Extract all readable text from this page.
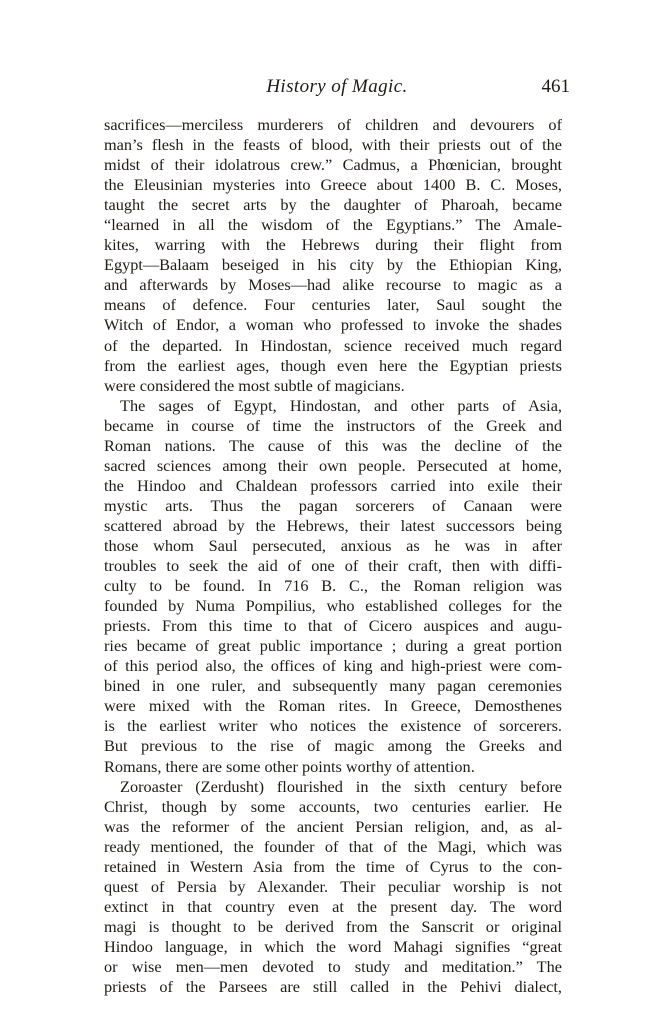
History of Magic.	461
sacrifices—merciless murderers of children and devourers of
man’s flesh in the feasts of blood, with their priests out of the
midst of their idolatrous crew.” Cadmus, a Phœnician, brought
the Eleusinian mysteries into Greece about 1400 B. C. Moses,
taught the secret arts by the daughter of Pharoah, became
“learned in all the wisdom of the Egyptians.” The Amale-
kites, warring with the Hebrews during their flight from
Egypt—Balaam beseiged in his city by the Ethiopian King,
and afterwards by Moses—had alike recourse to magic as a
means of defence. Four centuries later, Saul sought the
Witch of Endor, a woman who professed to invoke the shades
of the departed. In Hindostan, science received much regard
from the earliest ages, though even here the Egyptian priests
were considered the most subtle of magicians.
The sages of Egypt, Hindostan, and other parts of Asia,
became in course of time the instructors of the Greek and
Roman nations. The cause of this was the decline of the
sacred sciences among their own people. Persecuted at home,
the Hindoo and Chaldean professors carried into exile their
mystic arts. Thus the pagan sorcerers of Canaan were
scattered abroad by the Hebrews, their latest successors being
those whom Saul persecuted, anxious as he was in after
troubles to seek the aid of one of their craft, then with diffi-
culty to be found. In 716 B. C., the Roman religion was
founded by Numa Pompilius, who established colleges for the
priests. From this time to that of Cicero auspices and augu-
ries became of great public importance ; during a great portion
of this period also, the offices of king and high-priest were com-
bined in one ruler, and subsequently many pagan ceremonies
were mixed with the Roman rites. In Greece, Demosthenes
is the earliest writer who notices the existence of sorcerers.
But previous to the rise of magic among the Greeks and
Romans, there are some other points worthy of attention.
Zoroaster (Zerdusht) flourished in the sixth century before
Christ, though by some accounts, two centuries earlier. He
was the reformer of the ancient Persian religion, and, as al-
ready mentioned, the founder of that of the Magi, which was
retained in Western Asia from the time of Cyrus to the con-
quest of Persia by Alexander. Their peculiar worship is not
extinct in that country even at the present day. The word
magi is thought to be derived from the Sanscrit or original
Hindoo language, in which the word Mahagi signifies “great
or wise men—men devoted to study and meditation.” The
priests of the Parsees are still called in the Pehivi dialect,
